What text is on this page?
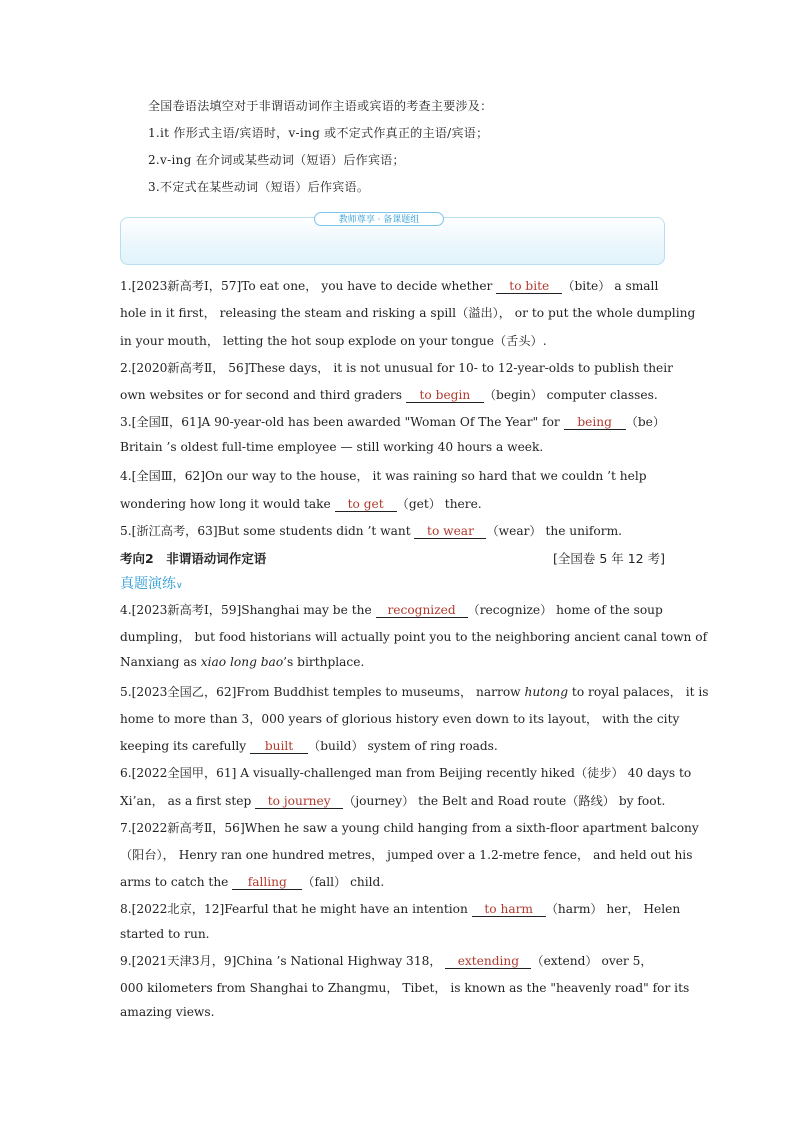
全国卷语法填空对于非谓语动词作主语或宾语的考查主要涉及：
1.it 作形式主语/宾语时，v-ing 或不定式作真正的主语/宾语；
2.v-ing 在介词或某些动词（短语）后作宾语；
3.不定式在某些动词（短语）后作宾语。
教师尊享 · 备课题组
1.[2023新高考Ⅰ，57]To eat one， you have to decide whether to bite （bite） a small
hole in it first， releasing the steam and risking a spill（溢出）， or to put the whole dumpling
in your mouth， letting the hot soup explode on your tongue（舌头）.
2.[2020新高考Ⅱ， 56]These days， it is not unusual for 10- to 12-year-olds to publish their
own websites or for second and third graders to begin （begin） computer classes.
3.[全国Ⅱ，61]A 90-year-old has been awarded "Woman Of The Year" for being （be）
Britain ’s oldest full-time employee — still working 40 hours a week.
4.[全国Ⅲ，62]On our way to the house， it was raining so hard that we couldn ’t help
wondering how long it would take to get （get） there.
5.[浙江高考，63]But some students didn ’t want to wear （wear） the uniform.
考向2　非谓语动词作定语	[全国卷 5 年 12 考]
真题演练∨
4.[2023新高考Ⅰ，59]Shanghai may be the recognized （recognize） home of the soup
dumpling， but food historians will actually point you to the neighboring ancient canal town of
Nanxiang as xiao long bao’s birthplace.
5.[2023全国乙，62]From Buddhist temples to museums， narrow hutong to royal palaces， it is
home to more than 3，000 years of glorious history even down to its layout， with the city
keeping its carefully built （build） system of ring roads.
6.[2022全国甲，61] A visually-challenged man from Beijing recently hiked（徒步） 40 days to
Xi’an， as a first step to journey （journey） the Belt and Road route（路线） by foot.
7.[2022新高考Ⅱ，56]When he saw a young child hanging from a sixth-floor apartment balcony
（阳台）， Henry ran one hundred metres， jumped over a 1.2-metre fence， and held out his
arms to catch the falling （fall） child.
8.[2022北京，12]Fearful that he might have an intention to harm （harm） her， Helen
started to run.
9.[2021天津3月，9]China ’s National Highway 318， extending （extend） over 5，
000 kilometers from Shanghai to Zhangmu， Tibet， is known as the "heavenly road" for its
amazing views.
